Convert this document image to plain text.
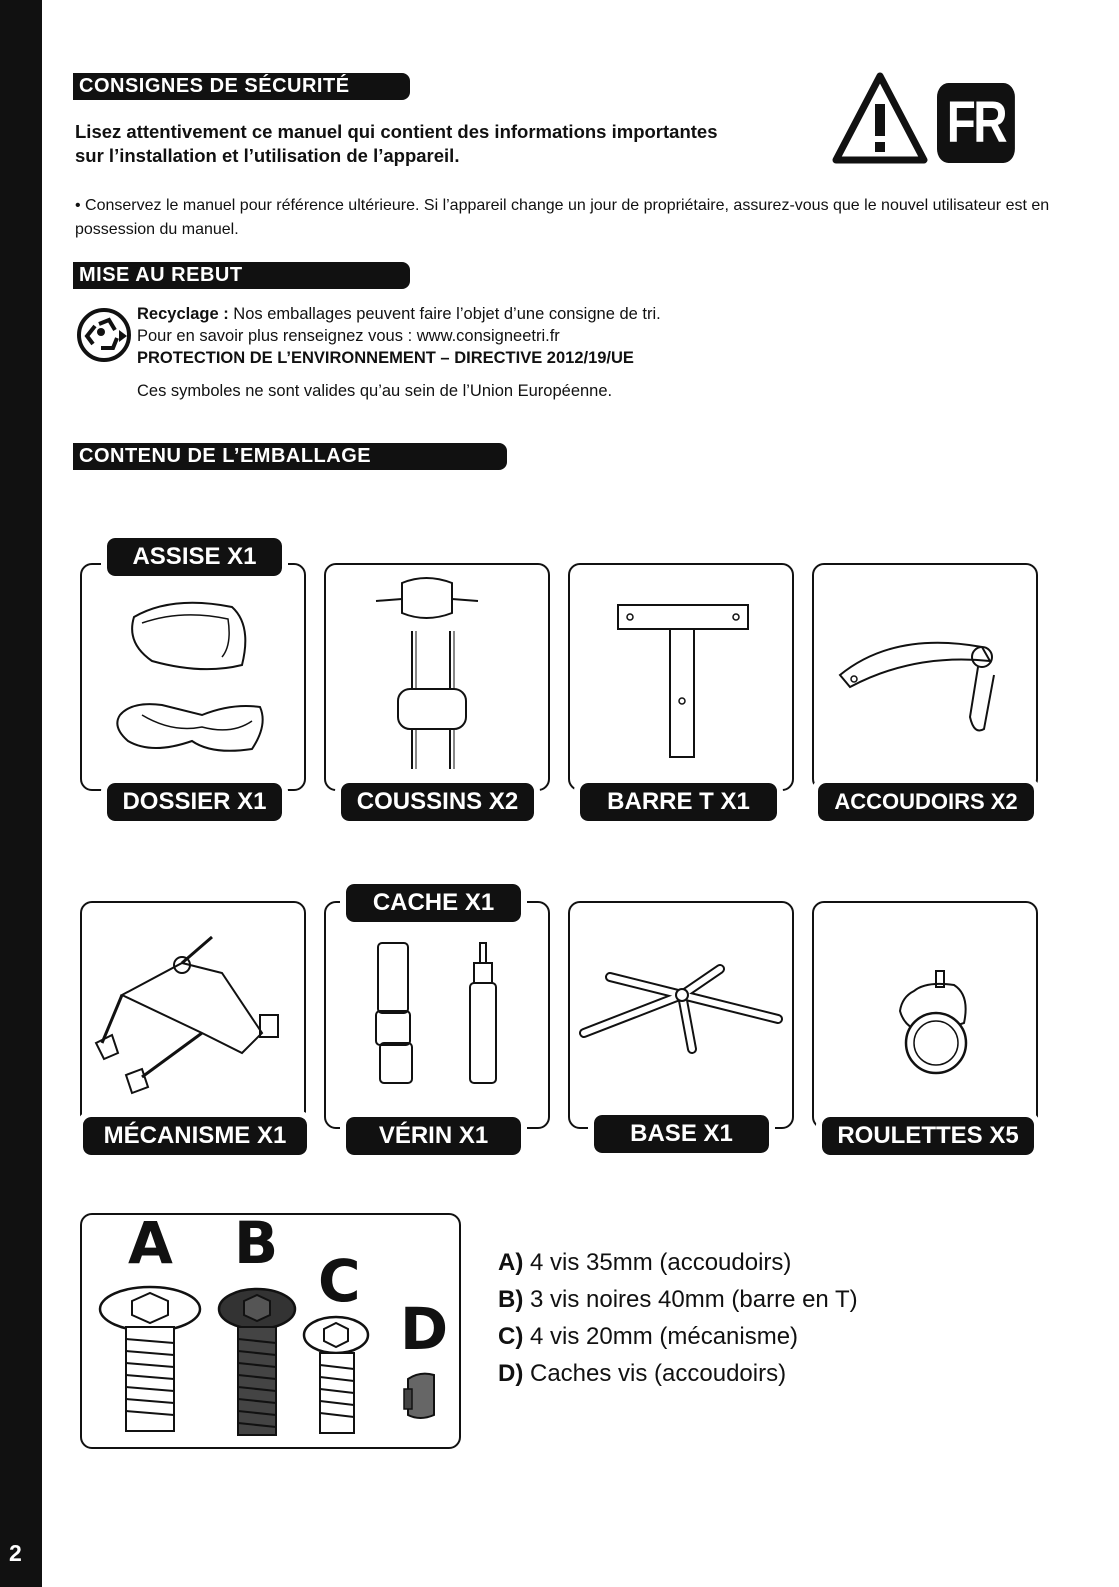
2
CONSIGNES DE SÉCURITÉ
Lisez attentivement ce manuel qui contient des informations importantes
sur l’installation et l’utilisation de l’appareil.
• Conservez le manuel pour référence ultérieure. Si l’appareil change un jour de propriétaire, assurez-vous que le nouvel utilisateur est en possession du manuel.
FR
MISE AU REBUT
Recyclage : Nos emballages peuvent faire l’objet d’une consigne de tri.
Pour en savoir plus renseignez vous : www.consigneetri.fr
PROTECTION DE L’ENVIRONNEMENT – DIRECTIVE 2012/19/UE
Ces symboles ne sont valides qu’au sein de l’Union Européenne.
CONTENU DE L’EMBALLAGE
ASSISE X1
DOSSIER X1	COUSSINS X2	BARRE T X1	ACCOUDOIRS X2
MÉCANISME X1
CACHE X1
VÉRIN X1	BASE X1	ROULETTES X5
A B
C
D
A) 4 vis 35mm (accoudoirs)
B) 3 vis noires 40mm (barre en T)
C) 4 vis 20mm (mécanisme)
D) Caches vis (accoudoirs)
